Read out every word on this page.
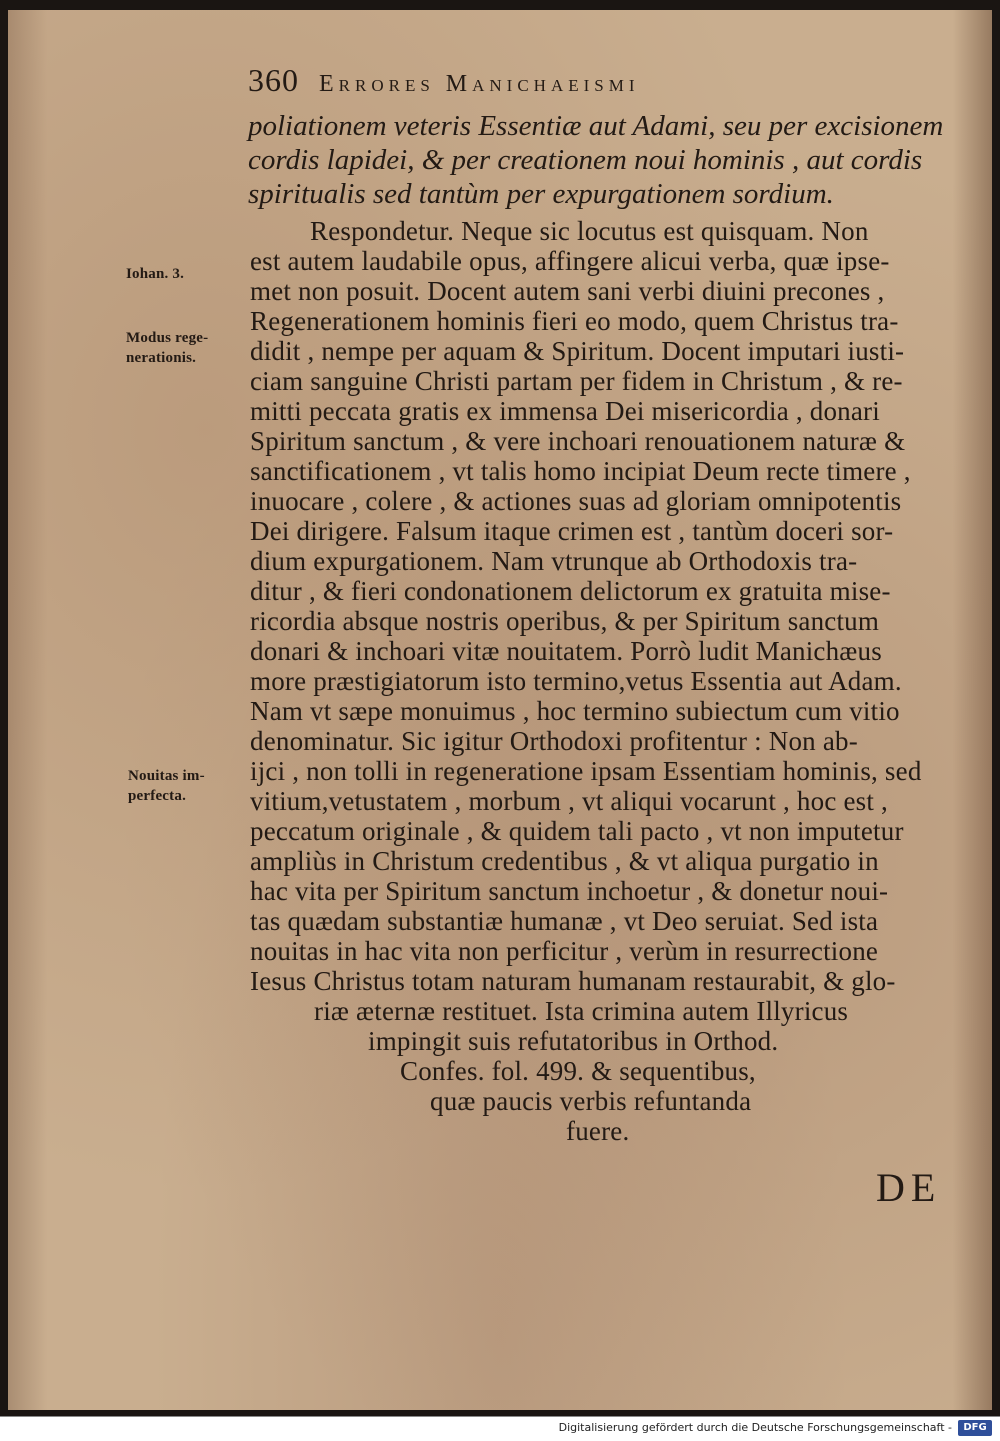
360 Errores Manichaeismi
poliationem veteris Essentiæ aut Adami, seu per excisionem
cordis lapidei, & per creationem noui hominis , aut cordis
spiritualis sed tantùm per expurgationem sordium.
Respondetur. Neque sic locutus est quisquam. Non
est autem laudabile opus, affingere alicui verba, quæ ipse-
met non posuit. Docent autem sani verbi diuini precones ,
Regenerationem hominis fieri eo modo, quem Christus tra-
didit , nempe per aquam & Spiritum. Docent imputari iusti-
ciam sanguine Christi partam per fidem in Christum , & re-
mitti peccata gratis ex immensa Dei misericordia , donari
Spiritum sanctum , & vere inchoari renouationem naturæ &
sanctificationem , vt talis homo incipiat Deum recte timere ,
inuocare , colere , & actiones suas ad gloriam omnipotentis
Dei dirigere. Falsum itaque crimen est , tantùm doceri sor-
dium expurgationem. Nam vtrunque ab Orthodoxis tra-
ditur , & fieri condonationem delictorum ex gratuita mise-
ricordia absque nostris operibus, & per Spiritum sanctum
donari & inchoari vitæ nouitatem. Porrò ludit Manichæus
more præstigiatorum isto termino,vetus Essentia aut Adam.
Nam vt sæpe monuimus , hoc termino subiectum cum vitio
denominatur. Sic igitur Orthodoxi profitentur : Non ab-
ijci , non tolli in regeneratione ipsam Essentiam hominis, sed
vitium,vetustatem , morbum , vt aliqui vocarunt , hoc est ,
peccatum originale , & quidem tali pacto , vt non imputetur
ampliùs in Christum credentibus , & vt aliqua purgatio in
hac vita per Spiritum sanctum inchoetur , & donetur noui-
tas quædam substantiæ humanæ , vt Deo seruiat. Sed ista
nouitas in hac vita non perficitur , verùm in resurrectione
Iesus Christus totam naturam humanam restaurabit, & glo-
riæ æternæ restituet. Ista crimina autem Illyricus
impingit suis refutatoribus in Orthod.
Confes. fol. 499. & sequentibus,
quæ paucis verbis refuntanda
fuere.
Iohan. 3.
Modus rege-
nerationis.
Nouitas im-
perfecta.
DE
Digitalisierung gefördert durch die Deutsche Forschungsgemeinschaft -	DFG
